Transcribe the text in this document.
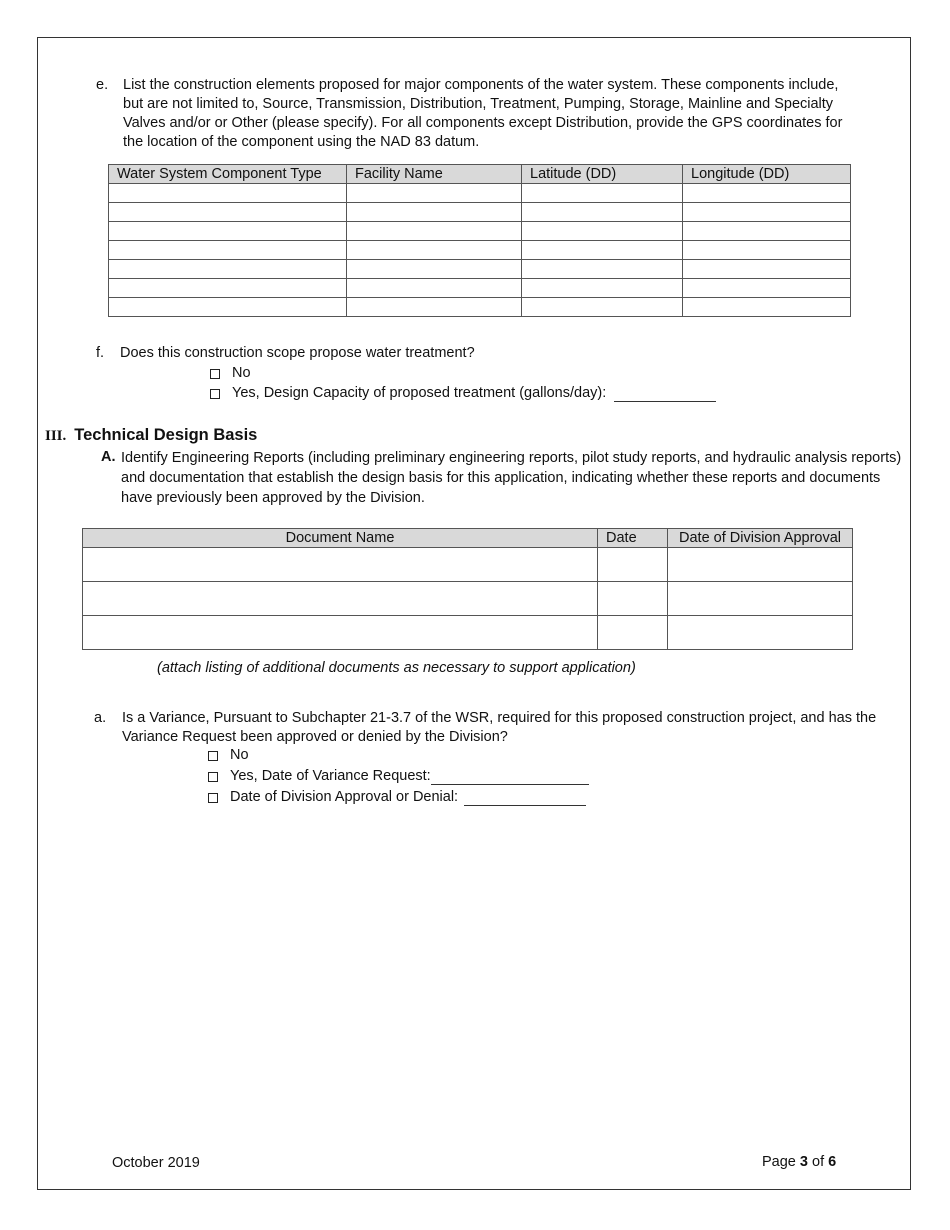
e. List the construction elements proposed for major components of the water system. These components include, but are not limited to, Source, Transmission, Distribution, Treatment, Pumping, Storage, Mainline and Specialty Valves and/or or Other (please specify). For all components except Distribution, provide the GPS coordinates for the location of the component using the NAD 83 datum.
Water System Component Type	Facility Name	Latitude (DD)	Longitude (DD)

f. Does this construction scope propose water treatment?
No
Yes, Design Capacity of proposed treatment (gallons/day):
III. Technical Design Basis
A. Identify Engineering Reports (including preliminary engineering reports, pilot study reports, and hydraulic analysis reports) and documentation that establish the design basis for this application, indicating whether these reports and documents have previously been approved by the Division.
Document Name	Date	Date of Division Approval

(attach listing of additional documents as necessary to support application)
a. Is a Variance, Pursuant to Subchapter 21-3.7 of the WSR, required for this proposed construction project, and has the Variance Request been approved or denied by the Division?
No
Yes, Date of Variance Request:
Date of Division Approval or Denial:
October 2019	Page 3 of 6
